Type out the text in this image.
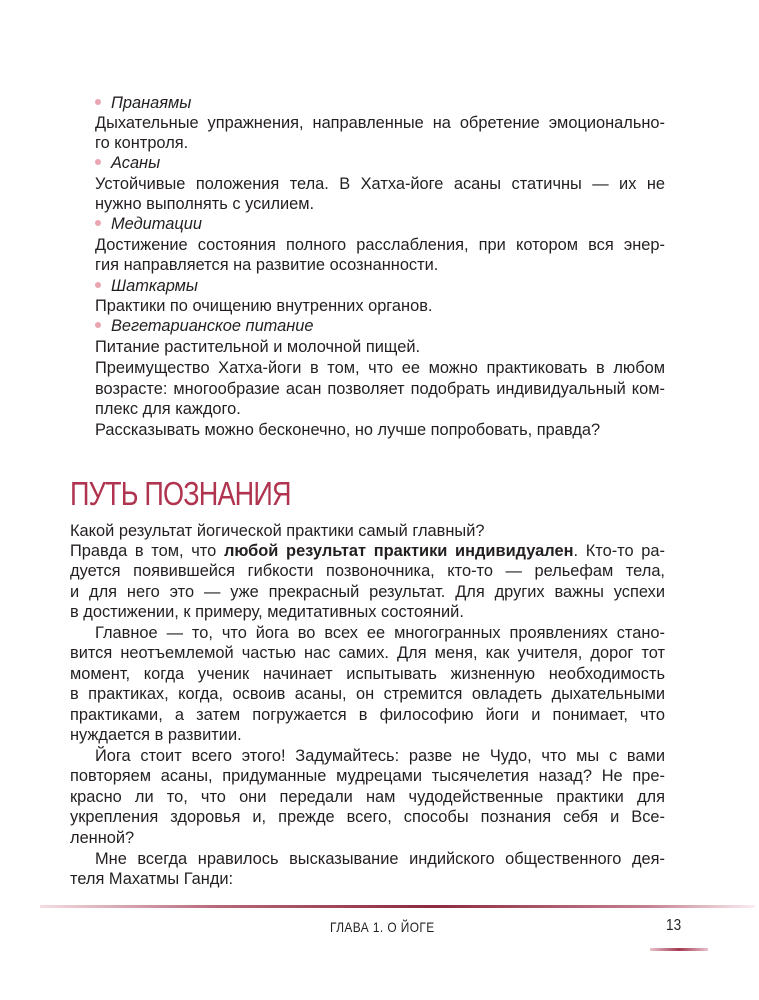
Пранаямы
Дыхательные упражнения, направленные на обретение эмоционально-
го контроля.
Асаны
Устойчивые положения тела. В Хатха-йоге асаны статичны — их не
нужно выполнять с усилием.
Медитации
Достижение состояния полного расслабления, при котором вся энер-
гия направляется на развитие осознанности.
Шаткармы
Практики по очищению внутренних органов.
Вегетарианское питание
Питание растительной и молочной пищей.
Преимущество Хатха-йоги в том, что ее можно практиковать в любом
возрасте: многообразие асан позволяет подобрать индивидуальный ком-
плекс для каждого.
Рассказывать можно бесконечно, но лучше попробовать, правда?
ПУТЬ ПОЗНАНИЯ
Какой результат йогической практики самый главный?
Правда в том, что любой результат практики индивидуален. Кто-то ра-
дуется появившейся гибкости позвоночника, кто-то — рельефам тела,
и для него это — уже прекрасный результат. Для других важны успехи
в достижении, к примеру, медитативных состояний.
Главное — то, что йога во всех ее многогранных проявлениях стано-
вится неотъемлемой частью нас самих. Для меня, как учителя, дорог тот
момент, когда ученик начинает испытывать жизненную необходимость
в практиках, когда, освоив асаны, он стремится овладеть дыхательными
практиками, а затем погружается в философию йоги и понимает, что
нуждается в развитии.
Йога стоит всего этого! Задумайтесь: разве не Чудо, что мы с вами
повторяем асаны, придуманные мудрецами тысячелетия назад? Не пре-
красно ли то, что они передали нам чудодейственные практики для
укрепления здоровья и, прежде всего, способы познания себя и Все-
ленной?
Мне всегда нравилось высказывание индийского общественного дея-
теля Махатмы Ганди:
ГЛАВА 1. О ЙОГЕ	13
